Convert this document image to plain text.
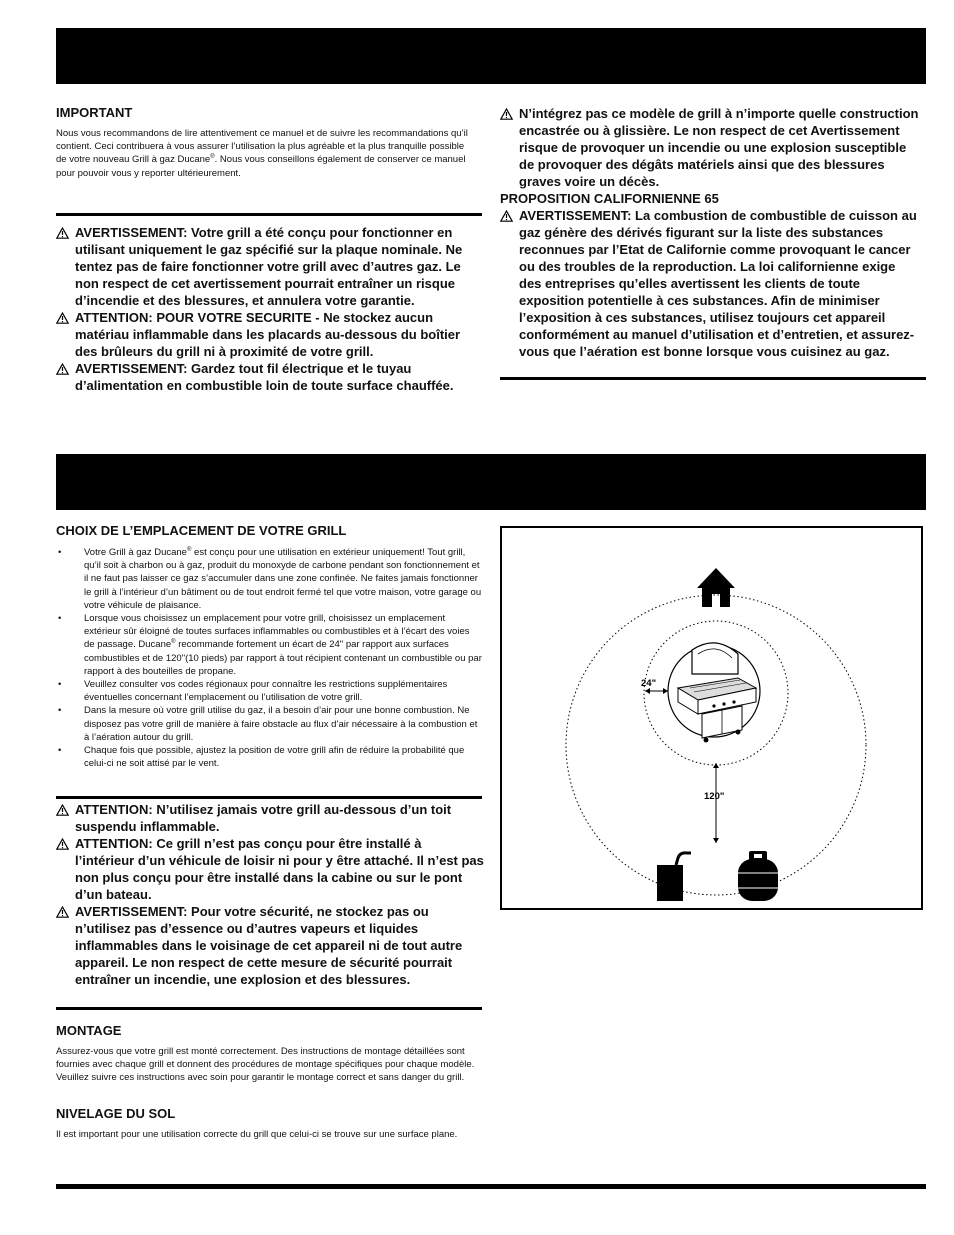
IMPORTANT

Nous vous recommandons de lire attentivement ce manuel et de suivre les recommandations qu’il contient. Ceci contribuera à vous assurer l’utilisation la plus agréable et la plus tranquille possible de votre nouveau Grill à gaz Ducane®. Nous vous conseillons également de conserver ce manuel pour pouvoir vous y reporter ultérieurement.

AVERTISSEMENT: Votre grill a été conçu pour fonctionner en utilisant uniquement le gaz spécifié sur la plaque nominale. Ne tentez pas de faire fonctionner votre grill avec d’autres gaz. Le non respect de cet avertissement pourrait entraîner un risque d’incendie et des blessures, et annulera votre garantie.

ATTENTION: POUR VOTRE SECURITE - Ne stockez aucun matériau inflammable dans les placards au-dessous du boîtier des brûleurs du grill ni à proximité de votre grill.

AVERTISSEMENT: Gardez tout fil électrique et le tuyau d’alimentation en combustible loin de toute surface chauffée.

N’intégrez pas ce modèle de grill à n’importe quelle construction encastrée ou à glissière. Le non respect de cet Avertissement risque de provoquer un incendie ou une explosion susceptible de provoquer des dégâts matériels ainsi que des blessures graves voire un décès.

PROPOSITION CALIFORNIENNE 65

AVERTISSEMENT: La combustion de combustible de cuisson au gaz génère des dérivés figurant sur la liste des substances reconnues par l’Etat de Californie comme provoquant le cancer ou des troubles de la reproduction. La loi californienne exige des entreprises qu’elles avertissent les clients de toute exposition potentielle à ces substances. Afin de minimiser l’exposition à ces substances, utilisez toujours cet appareil conformément au manuel d’utilisation et d’entretien, et assurez-vous que l’aération est bonne lorsque vous cuisinez au gaz.

CHOIX DE L’EMPLACEMENT DE VOTRE GRILL

• Votre Grill à gaz Ducane® est conçu pour une utilisation en extérieur uniquement! Tout grill, qu’il soit à charbon ou à gaz, produit du monoxyde de carbone pendant son fonctionnement et il ne faut pas laisser ce gaz s’accumuler dans une zone confinée. Ne faites jamais fonctionner le grill à l’intérieur d’un bâtiment ou de tout endroit fermé tel que votre maison, votre garage ou votre véhicule de plaisance.
• Lorsque vous choisissez un emplacement pour votre grill, choisissez un emplacement extérieur sûr éloigné de toutes surfaces inflammables ou combustibles et à l’écart des voies de passage. Ducane® recommande fortement un écart de 24" par rapport aux surfaces combustibles et de 120"(10 pieds) par rapport à tout récipient contenant un combustible ou par rapport à des bouteilles de propane.
• Veuillez consulter vos codes régionaux pour connaître les restrictions supplémentaires éventuelles concernant l’emplacement ou l’utilisation de votre grill.
• Dans la mesure où votre grill utilise du gaz, il a besoin d’air pour une bonne combustion. Ne disposez pas votre grill de manière à faire obstacle au flux d’air nécessaire à la combustion et à l’aération autour du grill.
• Chaque fois que possible, ajustez la position de votre grill afin de réduire la probabilité que celui-ci ne soit attisé par le vent.

ATTENTION: N’utilisez jamais votre grill au-dessous d’un toit suspendu inflammable.

ATTENTION: Ce grill n’est pas conçu pour être installé à l’intérieur d’un véhicule de loisir ni pour y être attaché. Il n’est pas non plus conçu pour être installé dans la cabine ou sur le pont d’un bateau.

AVERTISSEMENT: Pour votre sécurité, ne stockez pas ou n’utilisez pas d’essence ou d’autres vapeurs et liquides inflammables dans le voisinage de cet appareil ni de tout autre appareil. Le non respect de cette mesure de sécurité pourrait entraîner un incendie, une explosion et des blessures.

MONTAGE

Assurez-vous que votre grill est monté correctement. Des instructions de montage détaillées sont fournies avec chaque grill et donnent des procédures de montage spécifiques pour chaque modèle. Veuillez suivre ces instructions avec soin pour garantir le montage correct et sans danger du grill.

NIVELAGE DU SOL

Il est important pour une utilisation correcte du grill que celui-ci se trouve sur une surface plane.

24"
120"
